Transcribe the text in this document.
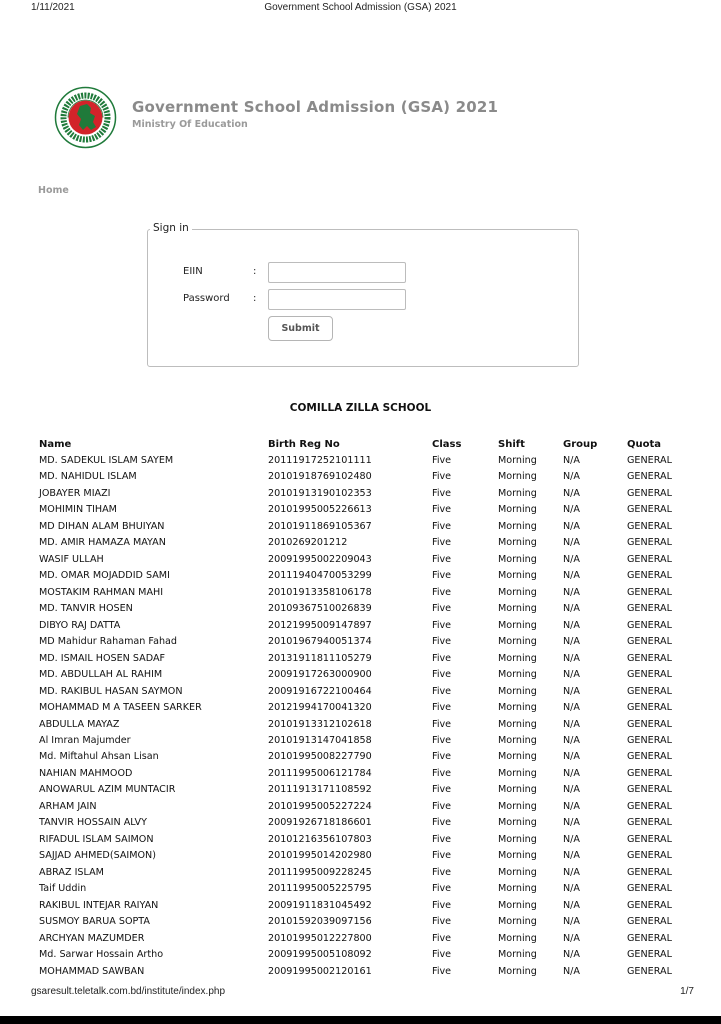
1/11/2021	Government School Admission (GSA) 2021
Government School Admission (GSA) 2021
Ministry Of Education
Home
Sign in
EIIN	:
Password :
Submit
COMILLA ZILLA SCHOOL
Name	Birth Reg No	Class	Shift	Group	Quota
MD. SADEKUL ISLAM SAYEM	20111917252101111	Five	Morning	N/A	GENERAL
MD. NAHIDUL ISLAM	20101918769102480	Five	Morning	N/A	GENERAL
JOBAYER MIAZI	20101913190102353	Five	Morning	N/A	GENERAL
MOHIMIN TIHAM	20101995005226613	Five	Morning	N/A	GENERAL
MD DIHAN ALAM BHUIYAN	20101911869105367	Five	Morning	N/A	GENERAL
MD. AMIR HAMAZA MAYAN	2010269201212	Five	Morning	N/A	GENERAL
WASIF ULLAH	20091995002209043	Five	Morning	N/A	GENERAL
MD. OMAR MOJADDID SAMI	20111940470053299	Five	Morning	N/A	GENERAL
MOSTAKIM RAHMAN MAHI	20101913358106178	Five	Morning	N/A	GENERAL
MD. TANVIR HOSEN	20109367510026839	Five	Morning	N/A	GENERAL
DIBYO RAJ DATTA	20121995009147897	Five	Morning	N/A	GENERAL
MD Mahidur Rahaman Fahad	20101967940051374	Five	Morning	N/A	GENERAL
MD. ISMAIL HOSEN SADAF	20131911811105279	Five	Morning	N/A	GENERAL
MD. ABDULLAH AL RAHIM	20091917263000900	Five	Morning	N/A	GENERAL
MD. RAKIBUL HASAN SAYMON	20091916722100464	Five	Morning	N/A	GENERAL
MOHAMMAD M A TASEEN SARKER	20121994170041320	Five	Morning	N/A	GENERAL
ABDULLA MAYAZ	20101913312102618	Five	Morning	N/A	GENERAL
Al Imran Majumder	20101913147041858	Five	Morning	N/A	GENERAL
Md. Miftahul Ahsan Lisan	20101995008227790	Five	Morning	N/A	GENERAL
NAHIAN MAHMOOD	20111995006121784	Five	Morning	N/A	GENERAL
ANOWARUL AZIM MUNTACIR	20111913171108592	Five	Morning	N/A	GENERAL
ARHAM JAIN	20101995005227224	Five	Morning	N/A	GENERAL
TANVIR HOSSAIN ALVY	20091926718186601	Five	Morning	N/A	GENERAL
RIFADUL ISLAM SAIMON	20101216356107803	Five	Morning	N/A	GENERAL
SAJJAD AHMED(SAIMON)	20101995014202980	Five	Morning	N/A	GENERAL
ABRAZ ISLAM	20111995009228245	Five	Morning	N/A	GENERAL
Taif Uddin	20111995005225795	Five	Morning	N/A	GENERAL
RAKIBUL INTEJAR RAIYAN	20091911831045492	Five	Morning	N/A	GENERAL
SUSMOY BARUA SOPTA	20101592039097156	Five	Morning	N/A	GENERAL
ARCHYAN MAZUMDER	20101995012227800	Five	Morning	N/A	GENERAL
Md. Sarwar Hossain Artho	20091995005108092	Five	Morning	N/A	GENERAL
MOHAMMAD SAWBAN	20091995002120161	Five	Morning	N/A	GENERAL
gsaresult.teletalk.com.bd/institute/index.php	1/7
